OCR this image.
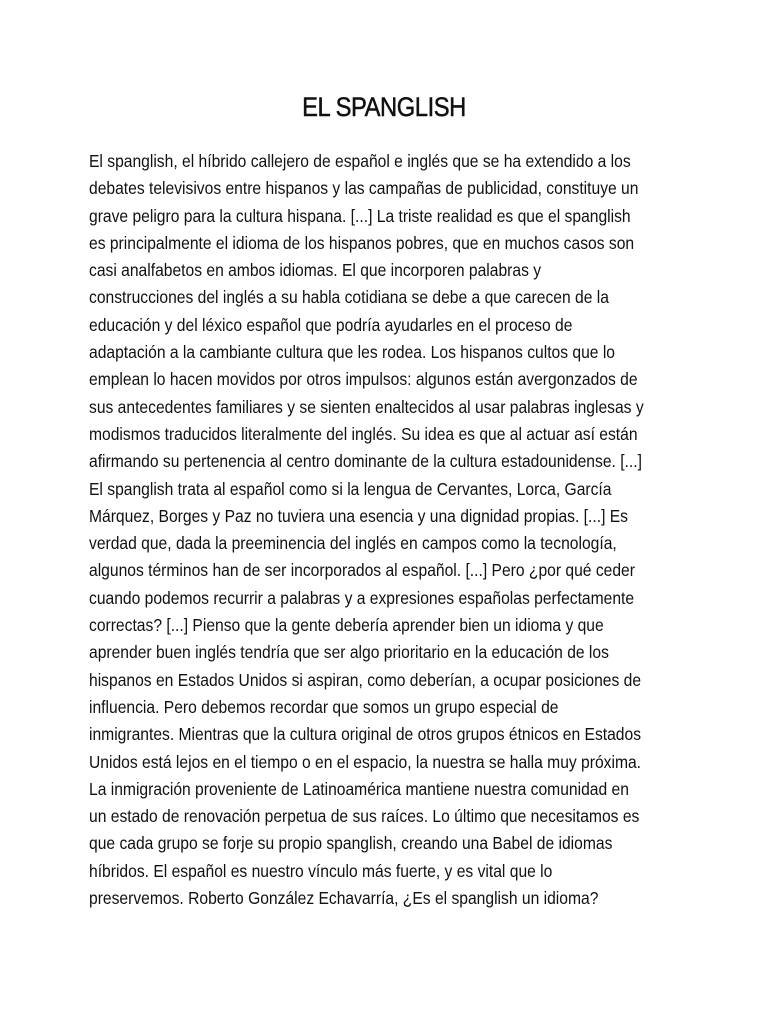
EL SPANGLISH
El spanglish, el híbrido callejero de español e inglés que se ha extendido a los
debates televisivos entre hispanos y las campañas de publicidad, constituye un
grave peligro para la cultura hispana. [...] La triste realidad es que el spanglish
es principalmente el idioma de los hispanos pobres, que en muchos casos son
casi analfabetos en ambos idiomas. El que incorporen palabras y
construcciones del inglés a su habla cotidiana se debe a que carecen de la
educación y del léxico español que podría ayudarles en el proceso de
adaptación a la cambiante cultura que les rodea. Los hispanos cultos que lo
emplean lo hacen movidos por otros impulsos: algunos están avergonzados de
sus antecedentes familiares y se sienten enaltecidos al usar palabras inglesas y
modismos traducidos literalmente del inglés. Su idea es que al actuar así están
afirmando su pertenencia al centro dominante de la cultura estadounidense. [...]
El spanglish trata al español como si la lengua de Cervantes, Lorca, García
Márquez, Borges y Paz no tuviera una esencia y una dignidad propias. [...] Es
verdad que, dada la preeminencia del inglés en campos como la tecnología,
algunos términos han de ser incorporados al español. [...] Pero ¿por qué ceder
cuando podemos recurrir a palabras y a expresiones españolas perfectamente
correctas? [...] Pienso que la gente debería aprender bien un idioma y que
aprender buen inglés tendría que ser algo prioritario en la educación de los
hispanos en Estados Unidos si aspiran, como deberían, a ocupar posiciones de
influencia. Pero debemos recordar que somos un grupo especial de
inmigrantes. Mientras que la cultura original de otros grupos étnicos en Estados
Unidos está lejos en el tiempo o en el espacio, la nuestra se halla muy próxima.
La inmigración proveniente de Latinoamérica mantiene nuestra comunidad en
un estado de renovación perpetua de sus raíces. Lo último que necesitamos es
que cada grupo se forje su propio spanglish, creando una Babel de idiomas
híbridos. El español es nuestro vínculo más fuerte, y es vital que lo
preservemos. Roberto González Echavarría, ¿Es el spanglish un idioma?
